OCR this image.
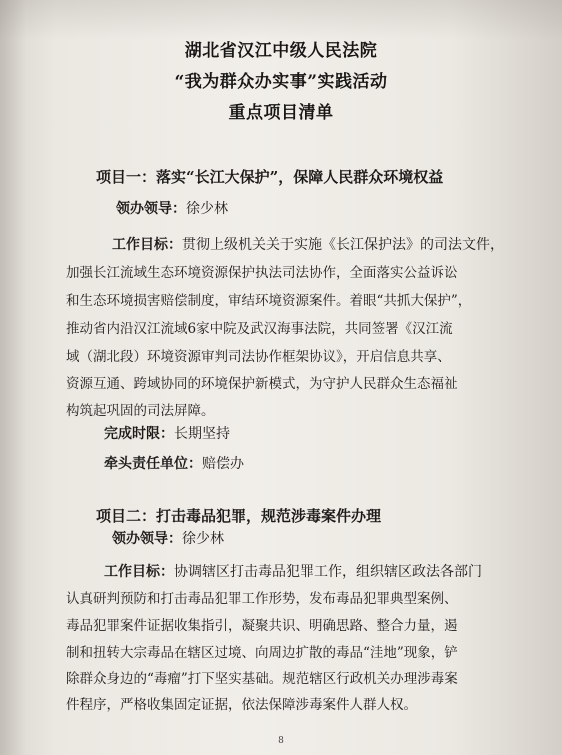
湖北省汉江中级人民法院
“我为群众办实事”实践活动
重点项目清单
项目一：落实“长江大保护”，保障人民群众环境权益
领办领导：徐少林
工作目标：贯彻上级机关关于实施《长江保护法》的司法文件，
加强长江流域生态环境资源保护执法司法协作，全面落实公益诉讼
和生态环境损害赔偿制度，审结环境资源案件。着眼“共抓大保护”，
推动省内沿汉江流域6家中院及武汉海事法院，共同签署《汉江流
域（湖北段）环境资源审判司法协作框架协议》，开启信息共享、
资源互通、跨域协同的环境保护新模式，为守护人民群众生态福祉
构筑起巩固的司法屏障。
完成时限：长期坚持
牵头责任单位：赔偿办
项目二：打击毒品犯罪，规范涉毒案件办理
领办领导：徐少林
工作目标：协调辖区打击毒品犯罪工作，组织辖区政法各部门
认真研判预防和打击毒品犯罪工作形势，发布毒品犯罪典型案例、
毒品犯罪案件证据收集指引，凝聚共识、明确思路、整合力量，遏
制和扭转大宗毒品在辖区过境、向周边扩散的毒品“洼地”现象，铲
除群众身边的“毒瘤”打下坚实基础。规范辖区行政机关办理涉毒案
件程序，严格收集固定证据，依法保障涉毒案件人群人权。
8
